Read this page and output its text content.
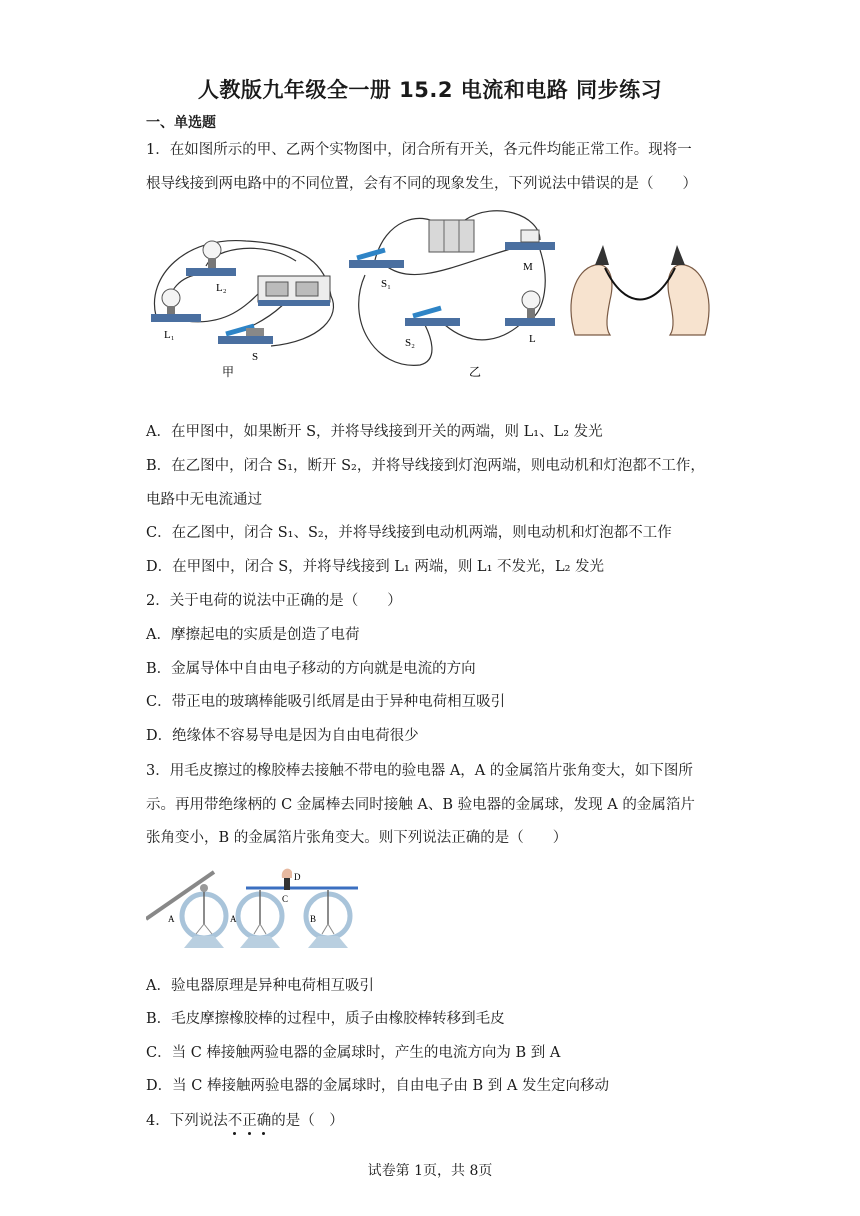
人教版九年级全一册 15.2 电流和电路 同步练习
一、单选题
1．在如图所示的甲、乙两个实物图中，闭合所有开关，各元件均能正常工作。现将一
根导线接到两电路中的不同位置，会有不同的现象发生，下列说法中错误的是（　　）
L₁
L₂
S
甲
S₁
M
S₂	L
乙
A．在甲图中，如果断开 S，并将导线接到开关的两端，则 L₁、L₂ 发光
B．在乙图中，闭合 S₁，断开 S₂，并将导线接到灯泡两端，则电动机和灯泡都不工作，
电路中无电流通过
C．在乙图中，闭合 S₁、S₂，并将导线接到电动机两端，则电动机和灯泡都不工作
D．在甲图中，闭合 S，并将导线接到 L₁ 两端，则 L₁ 不发光，L₂ 发光
2．关于电荷的说法中正确的是（　　）
A．摩擦起电的实质是创造了电荷
B．金属导体中自由电子移动的方向就是电流的方向
C．带正电的玻璃棒能吸引纸屑是由于异种电荷相互吸引
D．绝缘体不容易导电是因为自由电荷很少
3．用毛皮擦过的橡胶棒去接触不带电的验电器 A，A 的金属箔片张角变大，如下图所
示。再用带绝缘柄的 C 金属棒去同时接触 A、B 验电器的金属球，发现 A 的金属箔片
张角变小，B 的金属箔片张角变大。则下列说法正确的是（　　）
A	A	B
C
D
A．验电器原理是异种电荷相互吸引
B．毛皮摩擦橡胶棒的过程中，质子由橡胶棒转移到毛皮
C．当 C 棒接触两验电器的金属球时，产生的电流方向为 B 到 A
D．当 C 棒接触两验电器的金属球时，自由电子由 B 到 A 发生定向移动
4．下列说法不
正
确
的是（　）
试卷第 1页，共 8页
